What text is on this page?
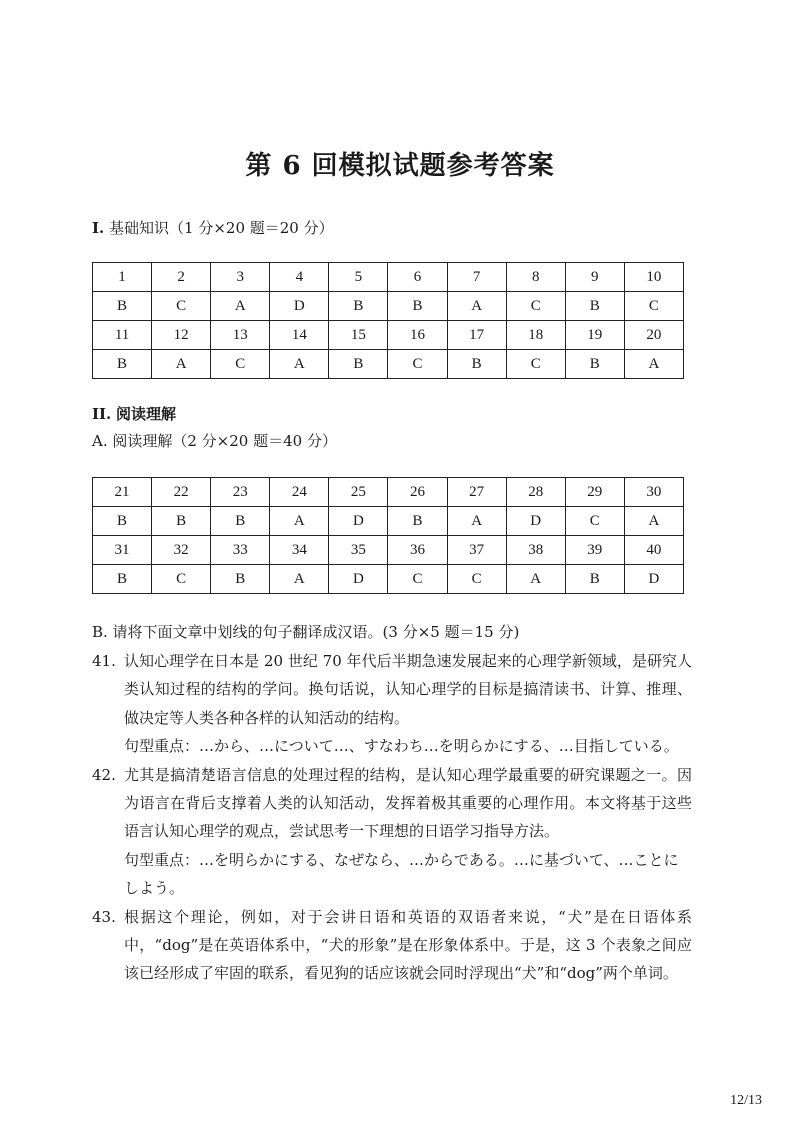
第 6 回模拟试题参考答案
I. 基础知识（1 分×20 题＝20 分）
1	2	3	4	5	6	7	8	9	10
B	C	A	D	B	B	A	C	B	C
11	12	13	14	15	16	17	18	19	20
B	A	C	A	B	C	B	C	B	A
II. 阅读理解
A. 阅读理解（2 分×20 题＝40 分）
21	22	23	24	25	26	27	28	29	30
B	B	B	A	D	B	A	D	C	A
31	32	33	34	35	36	37	38	39	40
B	C	B	A	D	C	C	A	B	D
B. 请将下面文章中划线的句子翻译成汉语。(3 分×5 题＝15 分)
41. 认知心理学在日本是 20 世纪 70 年代后半期急速发展起来的心理学新领域，是研究人类认知过程的结构的学问。换句话说，认知心理学的目标是搞清读书、计算、推理、做决定等人类各种各样的认知活动的结构。
句型重点：…から、…について…、すなわち…を明らかにする、…目指している。
42. 尤其是搞清楚语言信息的处理过程的结构，是认知心理学最重要的研究课题之一。因为语言在背后支撑着人类的认知活动，发挥着极其重要的心理作用。本文将基于这些语言认知心理学的观点，尝试思考一下理想的日语学习指导方法。
句型重点：…を明らかにする、なぜなら、…からである。…に基づいて、…ことにしよう。
43. 根据这个理论，例如，对于会讲日语和英语的双语者来说，“犬”是在日语体系中，“dog”是在英语体系中，“犬的形象”是在形象体系中。于是，这 3 个表象之间应该已经形成了牢固的联系，看见狗的话应该就会同时浮现出“犬”和“dog”两个单词。
12/13
